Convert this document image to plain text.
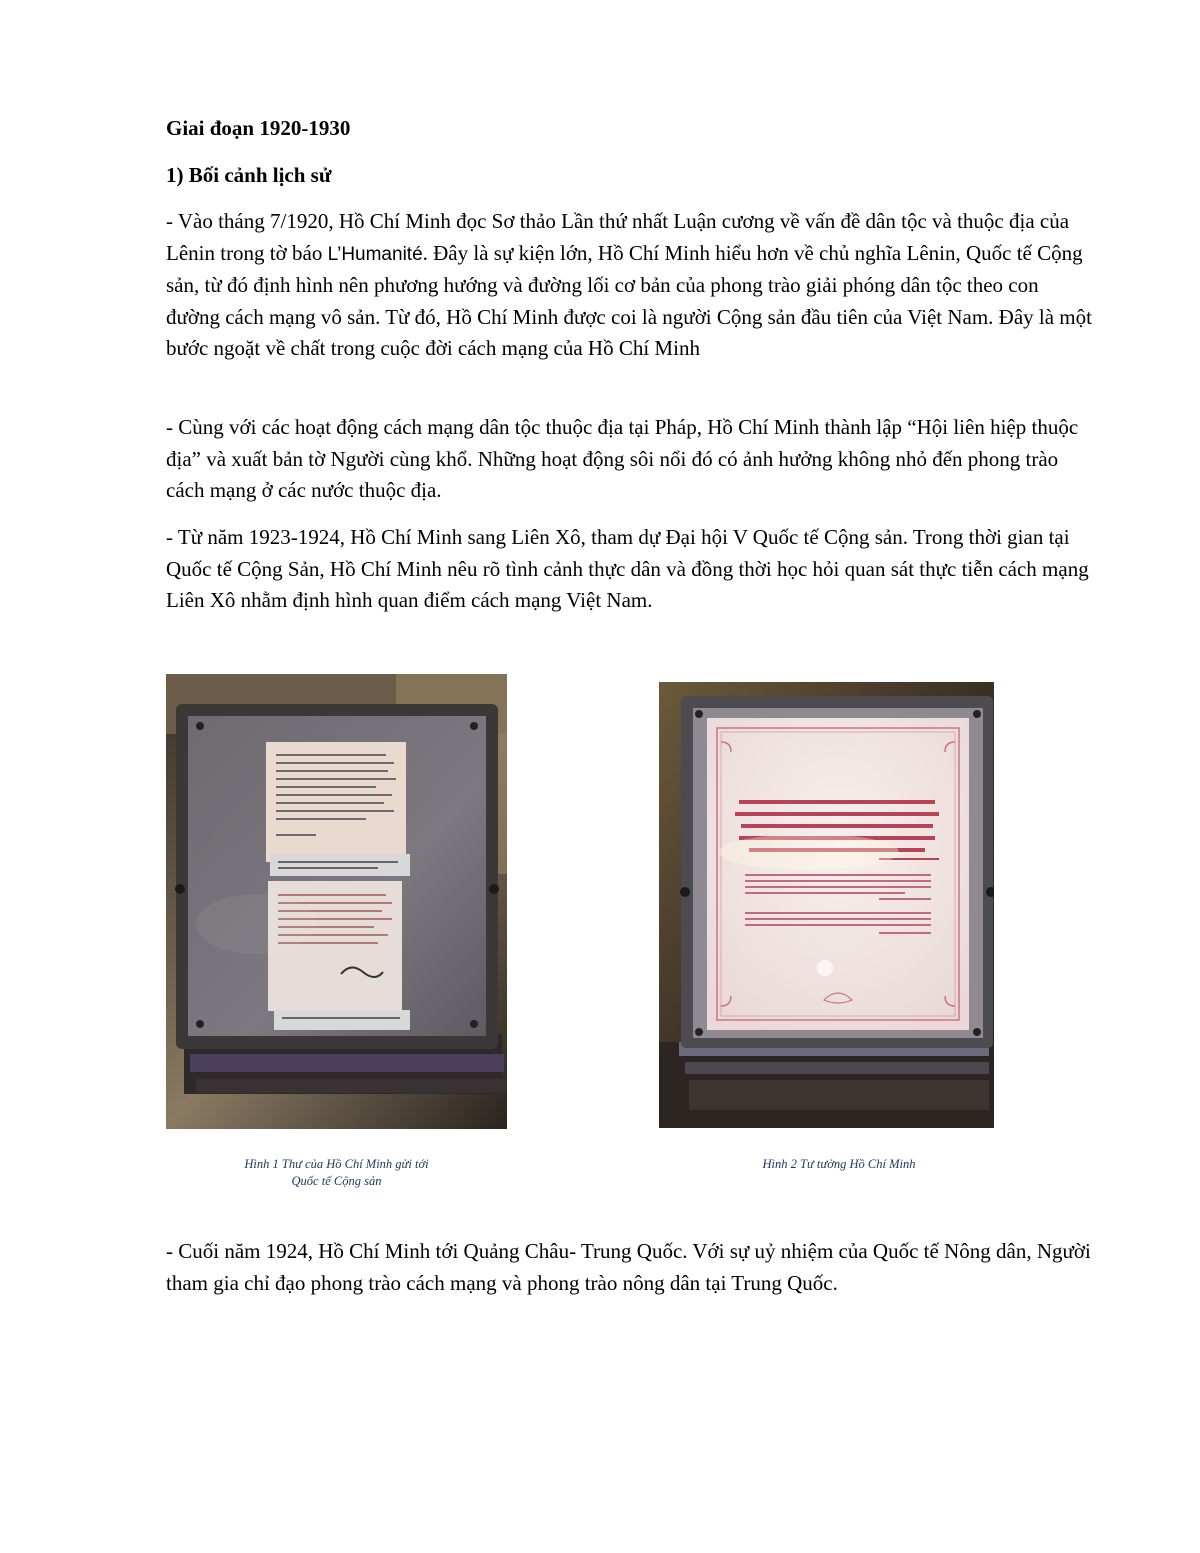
Giai đoạn 1920-1930

1) Bối cảnh lịch sử

- Vào tháng 7/1920, Hồ Chí Minh đọc Sơ thảo Lần thứ nhất Luận cương về vấn đề dân tộc và thuộc địa của Lênin trong tờ báo L’Humanité. Đây là sự kiện lớn, Hồ Chí Minh hiểu hơn về chủ nghĩa Lênin, Quốc tế Cộng sản, từ đó định hình nên phương hướng và đường lối cơ bản của phong trào giải phóng dân tộc theo con đường cách mạng vô sản. Từ đó, Hồ Chí Minh được coi là người Cộng sản đầu tiên của Việt Nam. Đây là một bước ngoặt về chất trong cuộc đời cách mạng của Hồ Chí Minh

- Cùng với các hoạt động cách mạng dân tộc thuộc địa tại Pháp, Hồ Chí Minh thành lập “Hội liên hiệp thuộc địa” và xuất bản tờ Người cùng khổ. Những hoạt động sôi nổi đó có ảnh hưởng không nhỏ đến phong trào cách mạng ở các nước thuộc địa.

- Từ năm 1923-1924, Hồ Chí Minh sang Liên Xô, tham dự Đại hội V Quốc tế Cộng sản. Trong thời gian tại Quốc tế Cộng Sản, Hồ Chí Minh nêu rõ tình cảnh thực dân và đồng thời học hỏi quan sát thực tiễn cách mạng Liên Xô nhằm định hình quan điểm cách mạng Việt Nam.

Hình 1 Thư của Hồ Chí Minh gửi tới
Quốc tế Cộng sản

Hình 2 Tư tưởng Hồ Chí Minh

- Cuối năm 1924, Hồ Chí Minh tới Quảng Châu- Trung Quốc. Với sự uỷ nhiệm của Quốc tế Nông dân, Người tham gia chỉ đạo phong trào cách mạng và phong trào nông dân tại Trung Quốc.
